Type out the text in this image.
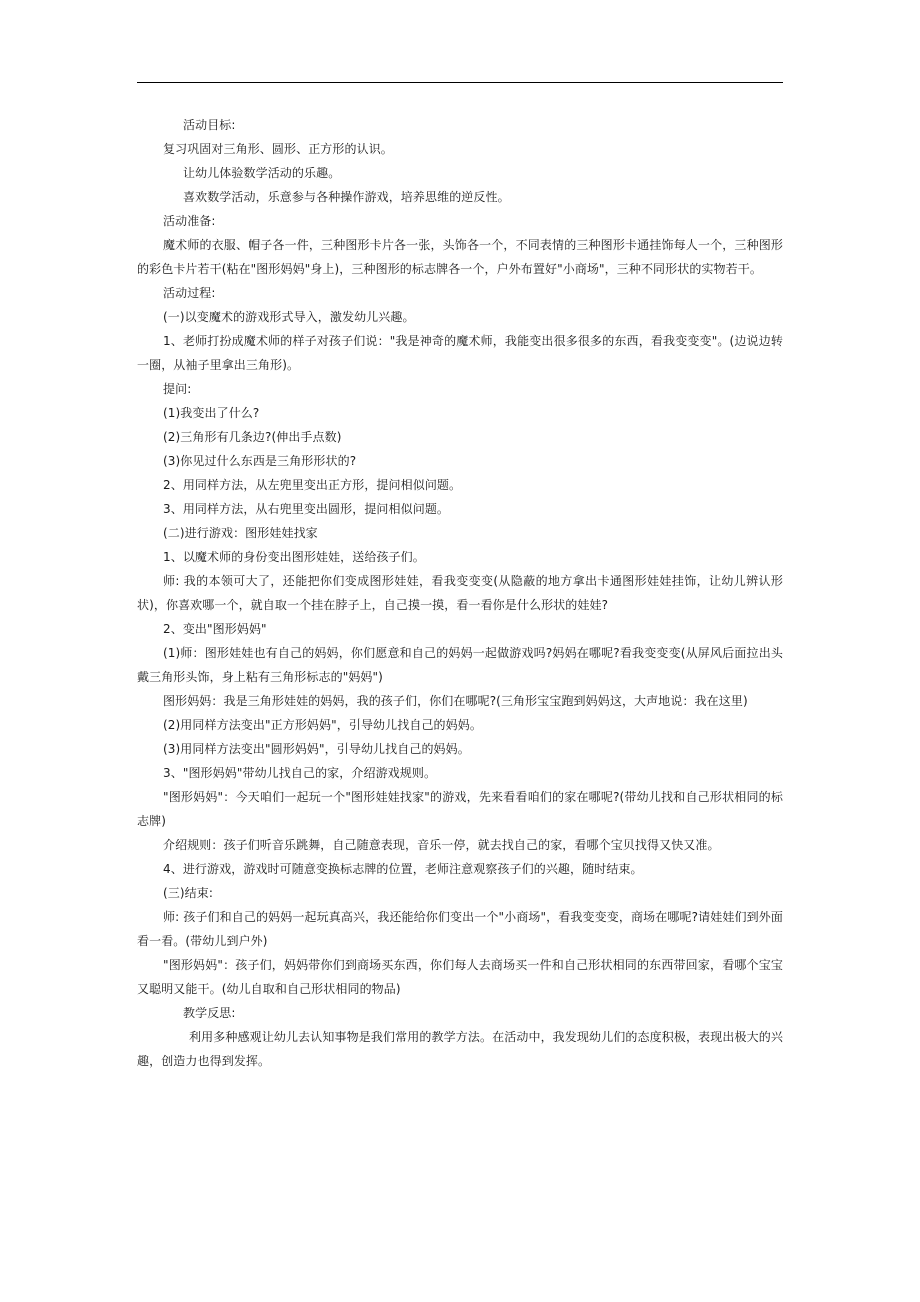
活动目标:

复习巩固对三角形、圆形、正方形的认识。

让幼儿体验数学活动的乐趣。

喜欢数学活动，乐意参与各种操作游戏，培养思维的逆反性。

活动准备:

魔术师的衣服、帽子各一件，三种图形卡片各一张，头饰各一个，不同表情的三种图形卡通挂饰每人一个，三种图形的彩色卡片若干(粘在"图形妈妈"身上)，三种图形的标志牌各一个，户外布置好"小商场"，三种不同形状的实物若干。

活动过程:

(一)以变魔术的游戏形式导入，激发幼儿兴趣。

1、老师打扮成魔术师的样子对孩子们说："我是神奇的魔术师，我能变出很多很多的东西，看我变变变"。(边说边转一圈，从袖子里拿出三角形)。

提问:

(1)我变出了什么?

(2)三角形有几条边?(伸出手点数)

(3)你见过什么东西是三角形形状的?

2、用同样方法，从左兜里变出正方形，提问相似问题。

3、用同样方法，从右兜里变出圆形，提问相似问题。

(二)进行游戏：图形娃娃找家

1、以魔术师的身份变出图形娃娃，送给孩子们。

师: 我的本领可大了，还能把你们变成图形娃娃，看我变变变(从隐蔽的地方拿出卡通图形娃娃挂饰，让幼儿辨认形状)，你喜欢哪一个，就自取一个挂在脖子上，自己摸一摸，看一看你是什么形状的娃娃?

2、变出"图形妈妈"

(1)师：图形娃娃也有自己的妈妈，你们愿意和自己的妈妈一起做游戏吗?妈妈在哪呢?看我变变变(从屏风后面拉出头戴三角形头饰，身上粘有三角形标志的"妈妈")

图形妈妈：我是三角形娃娃的妈妈，我的孩子们，你们在哪呢?(三角形宝宝跑到妈妈这，大声地说：我在这里)

(2)用同样方法变出"正方形妈妈"，引导幼儿找自己的妈妈。

(3)用同样方法变出"圆形妈妈"，引导幼儿找自己的妈妈。

3、"图形妈妈"带幼儿找自己的家，介绍游戏规则。

"图形妈妈"：今天咱们一起玩一个"图形娃娃找家"的游戏，先来看看咱们的家在哪呢?(带幼儿找和自己形状相同的标志牌)

介绍规则：孩子们听音乐跳舞，自己随意表现，音乐一停，就去找自己的家，看哪个宝贝找得又快又准。

4、进行游戏，游戏时可随意变换标志牌的位置，老师注意观察孩子们的兴趣，随时结束。

(三)结束:

师: 孩子们和自己的妈妈一起玩真高兴，我还能给你们变出一个"小商场"，看我变变变，商场在哪呢?请娃娃们到外面看一看。(带幼儿到户外)

"图形妈妈"：孩子们，妈妈带你们到商场买东西，你们每人去商场买一件和自己形状相同的东西带回家，看哪个宝宝又聪明又能干。(幼儿自取和自己形状相同的物品)

教学反思:

利用多种感观让幼儿去认知事物是我们常用的教学方法。在活动中，我发现幼儿们的态度积极，表现出极大的兴趣，创造力也得到发挥。
